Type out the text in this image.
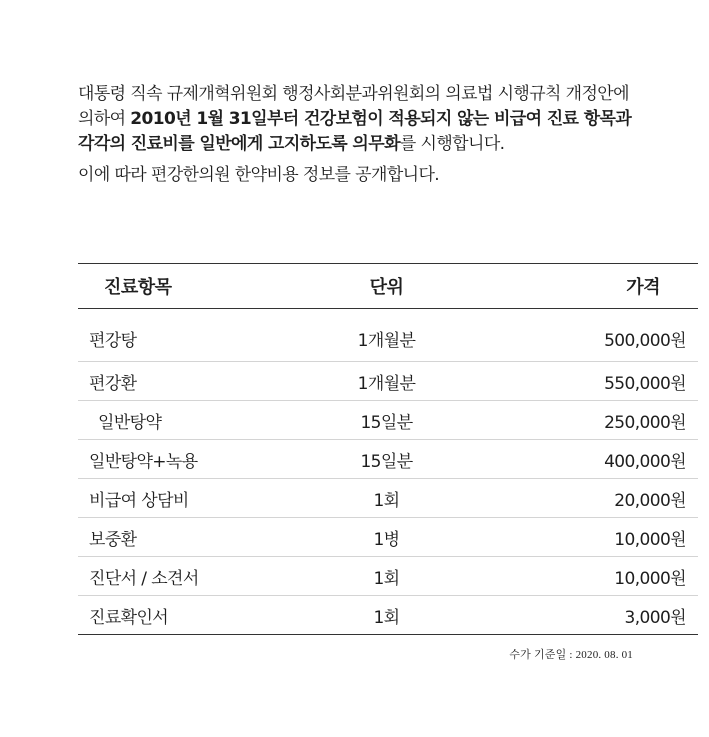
대통령 직속 규제개혁위원회 행정사회분과위원회의 의료법 시행규칙 개정안에

의하여 2010년 1월 31일부터 건강보험이 적용되지 않는 비급여 진료 항목과

각각의 진료비를 일반에게 고지하도록 의무화를 시행합니다.

이에 따라 편강한의원 한약비용 정보를 공개합니다.

진료항목	단위	가격
편강탕	1개월분	500,000원
편강환	1개월분	550,000원
일반탕약	15일분	250,000원
일반탕약+녹용	15일분	400,000원
비급여 상담비	1회	20,000원
보중환	1병	10,000원
진단서 / 소견서	1회	10,000원
진료확인서	1회	3,000원
수가 기준일 : 2020. 08. 01
